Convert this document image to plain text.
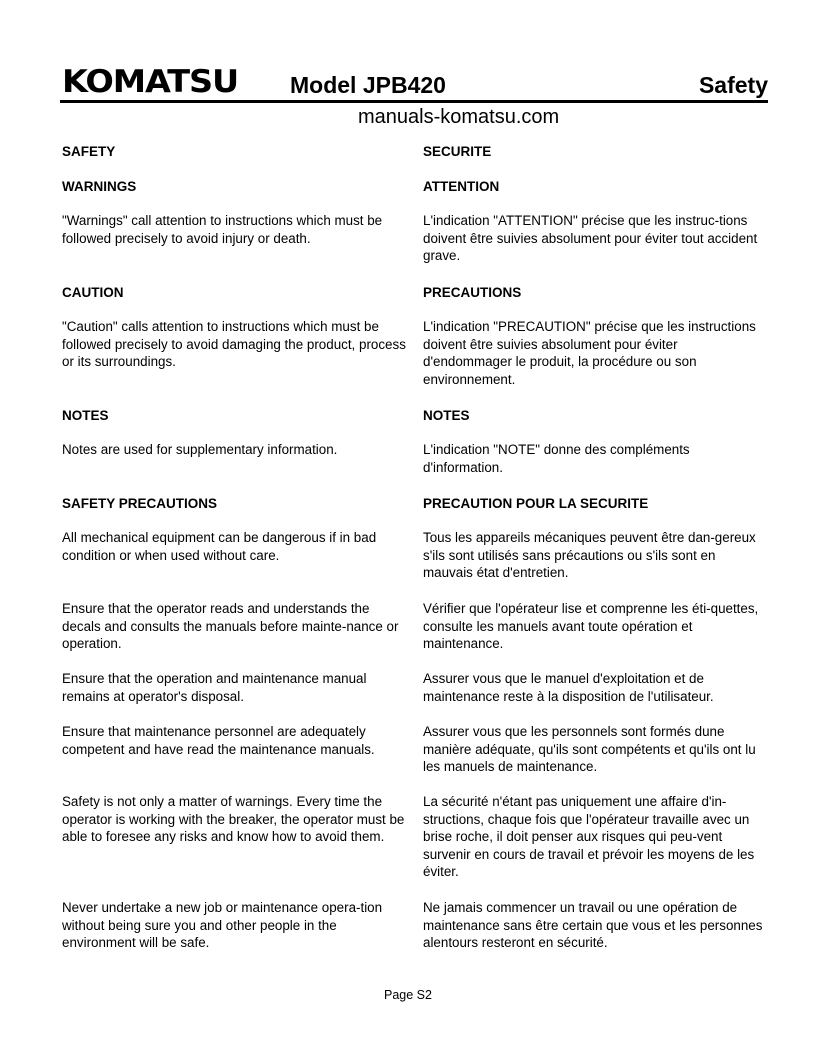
KOMATSU Model JPB420	Safety
manuals-komatsu.com
SAFETY
WARNINGS
"Warnings" call attention to instructions which must be followed precisely to avoid injury or death.
CAUTION
"Caution" calls attention to instructions which must be followed precisely to avoid damaging the product, process or its surroundings.
NOTES
Notes are used for supplementary information.
SAFETY PRECAUTIONS
All mechanical equipment can be dangerous if in bad condition or when used without care.
Ensure that the operator reads and understands the decals and consults the manuals before mainte-nance or operation.
Ensure that the operation and maintenance manual remains at operator's disposal.
Ensure that maintenance personnel are adequately competent and have read the maintenance manuals.
Safety is not only a matter of warnings. Every time the operator is working with the breaker, the operator must be able to foresee any risks and know how to avoid them.
Never undertake a new job or maintenance opera-tion without being sure you and other people in the environment will be safe.
SECURITE
ATTENTION
L'indication "ATTENTION" précise que les instruc-tions doivent être suivies absolument pour éviter tout accident grave.
PRECAUTIONS
L'indication "PRECAUTION" précise que les instructions doivent être suivies absolument pour éviter d'endommager le produit, la procédure ou son environnement.
NOTES
L'indication "NOTE" donne des compléments d'information.
PRECAUTION POUR LA SECURITE
Tous les appareils mécaniques peuvent être dan-gereux s'ils sont utilisés sans précautions ou s'ils sont en mauvais état d'entretien.
Vérifier que l'opérateur lise et comprenne les éti-quettes, consulte les manuels avant toute opération et maintenance.
Assurer vous que le manuel d'exploitation et de maintenance reste à la disposition de l'utilisateur.
Assurer vous que les personnels sont formés dune manière adéquate, qu'ils sont compétents et qu'ils ont lu les manuels de maintenance.
La sécurité n'étant pas uniquement une affaire d'in-structions, chaque fois que l'opérateur travaille avec un brise roche, il doit penser aux risques qui peu-vent survenir en cours de travail et prévoir les moyens de les éviter.
Ne jamais commencer un travail ou une opération de maintenance sans être certain que vous et les personnes alentours resteront en sécurité.
Page S2
